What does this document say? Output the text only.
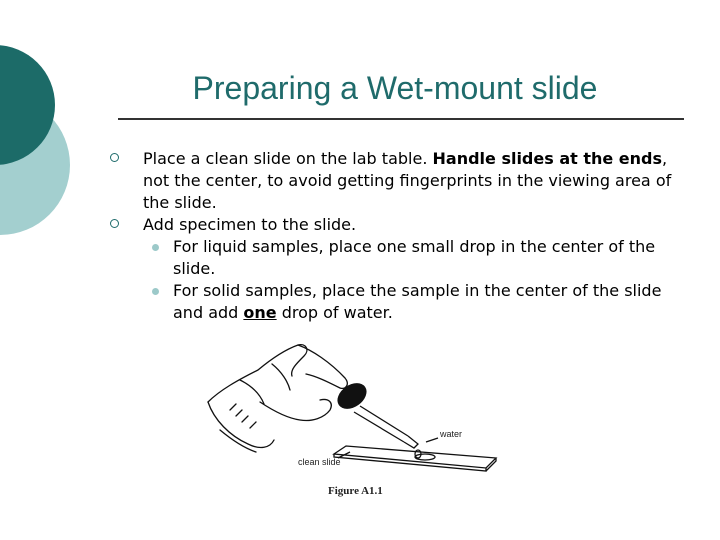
Preparing a Wet-mount slide

Place a clean slide on the lab table. Handle slides at the ends, not the center, to avoid getting fingerprints in the viewing area of the slide.

Add specimen to the slide.

For liquid samples, place one small drop in the center of the slide.

For solid samples, place the sample in the center of the slide and add one drop of water.

water
clean slide
Figure A1.1
